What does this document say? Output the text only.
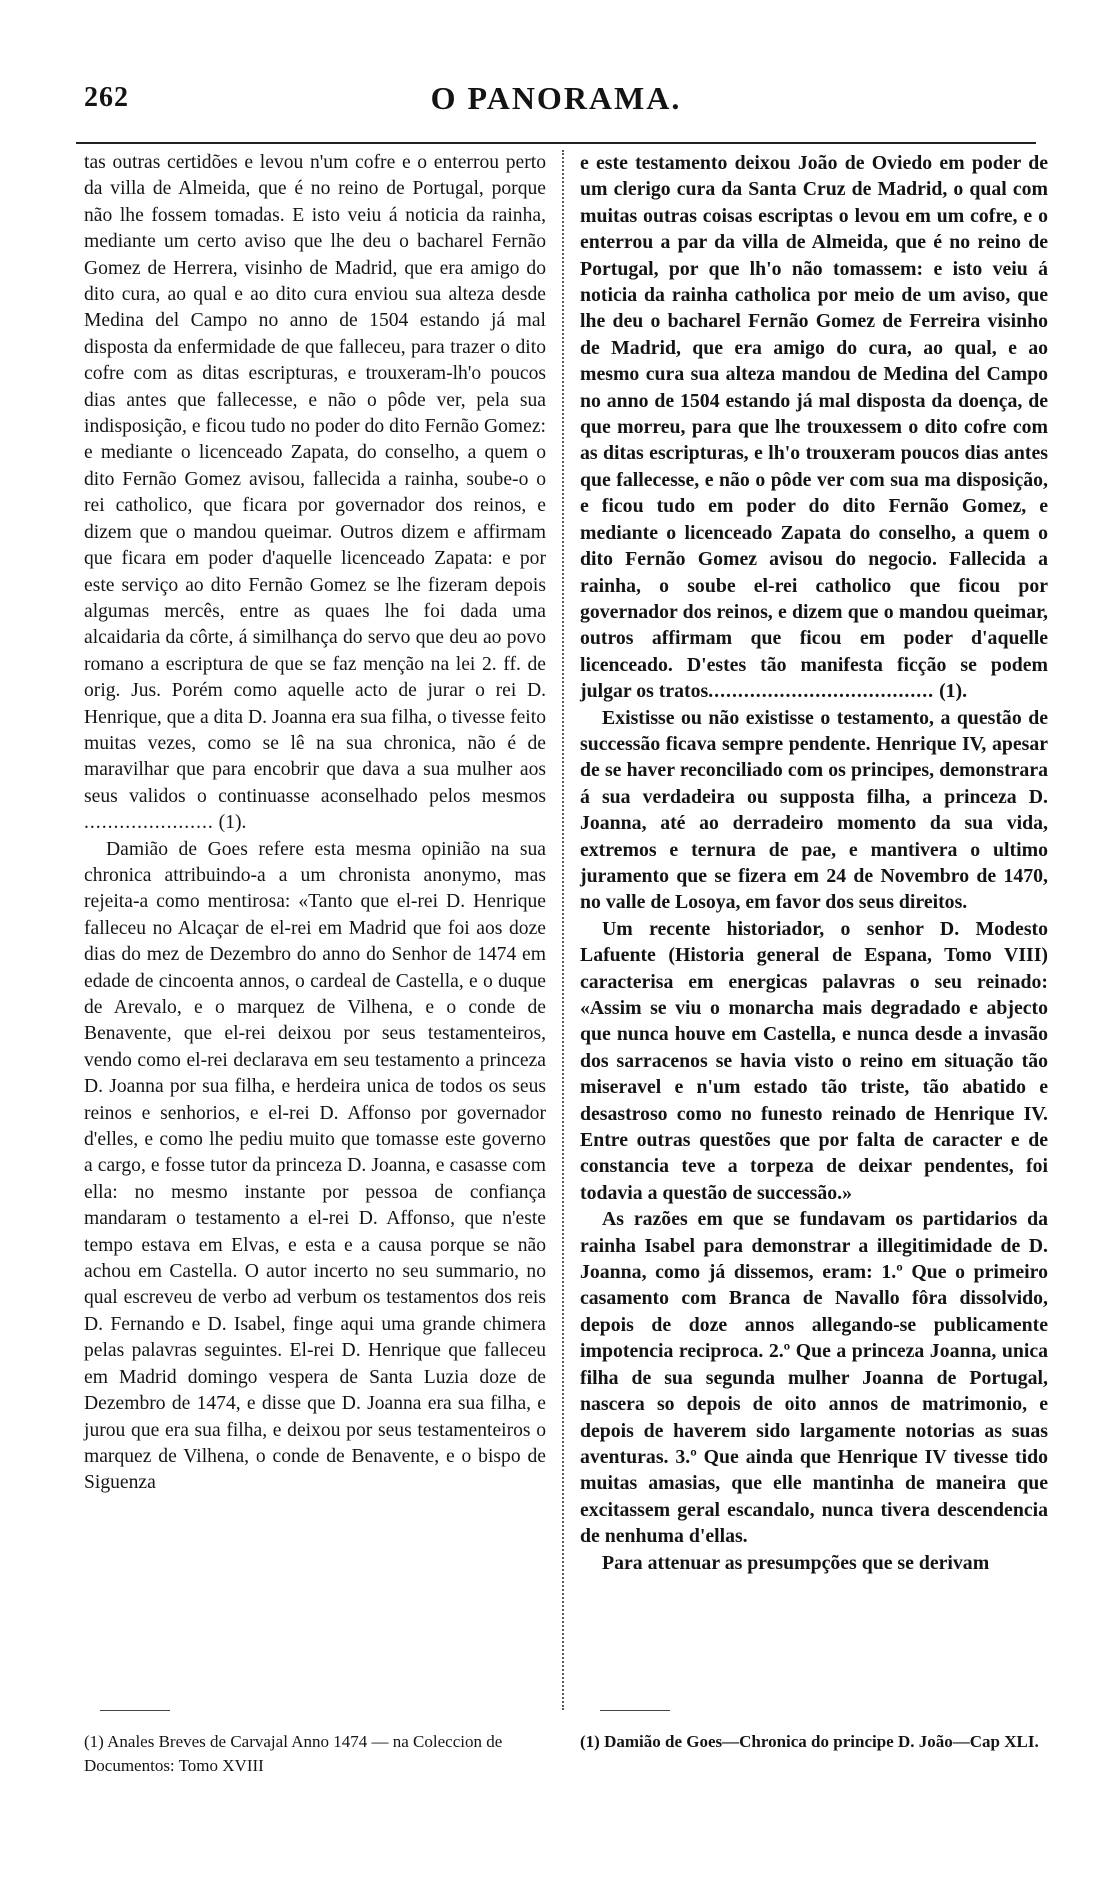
262	O PANORAMA.

tas outras certidões e levou n'um cofre e o enterrou perto da villa de Almeida, que é no reino de Portugal, porque não lhe fossem tomadas. E isto veiu á noticia da rainha, mediante um certo aviso que lhe deu o bacharel Fernão Gomez de Herrera, visinho de Madrid, que era amigo do dito cura, ao qual e ao dito cura enviou sua alteza desde Medina del Campo no anno de 1504 estando já mal disposta da enfermidade de que falleceu, para trazer o dito cofre com as ditas escripturas, e trouxeram-lh'o poucos dias antes que fallecesse, e não o pôde ver, pela sua indisposição, e ficou tudo no poder do dito Fernão Gomez: e mediante o licenceado Zapata, do conselho, a quem o dito Fernão Gomez avisou, fallecida a rainha, soube-o o rei catholico, que ficara por governador dos reinos, e dizem que o mandou queimar. Outros dizem e affirmam que ficara em poder d'aquelle licenceado Zapata: e por este serviço ao dito Fernão Gomez se lhe fizeram depois algumas mercês, entre as quaes lhe foi dada uma alcaidaria da côrte, á similhança do servo que deu ao povo romano a escriptura de que se faz menção na lei 2. ff. de orig. Jus. Porém como aquelle acto de jurar o rei D. Henrique, que a dita D. Joanna era sua filha, o tivesse feito muitas vezes, como se lê na sua chronica, não é de maravilhar que para encobrir que dava a sua mulher aos seus validos o continuasse aconselhado pelos mesmos ...................... (1).

Damião de Goes refere esta mesma opinião na sua chronica attribuindo-a a um chronista anonymo, mas rejeita-a como mentirosa: «Tanto que el-rei D. Henrique falleceu no Alcaçar de el-rei em Madrid que foi aos doze dias do mez de Dezembro do anno do Senhor de 1474 em edade de cincoenta annos, o cardeal de Castella, e o duque de Arevalo, e o marquez de Vilhena, e o conde de Benavente, que el-rei deixou por seus testamenteiros, vendo como el-rei declarava em seu testamento a princeza D. Joanna por sua filha, e herdeira unica de todos os seus reinos e senhorios, e el-rei D. Affonso por governador d'elles, e como lhe pediu muito que tomasse este governo a cargo, e fosse tutor da princeza D. Joanna, e casasse com ella: no mesmo instante por pessoa de confiança mandaram o testamento a el-rei D. Affonso, que n'este tempo estava em Elvas, e esta e a causa porque se não achou em Castella. O autor incerto no seu summario, no qual escreveu de verbo ad verbum os testamentos dos reis D. Fernando e D. Isabel, finge aqui uma grande chimera pelas palavras seguintes. El-rei D. Henrique que falleceu em Madrid domingo vespera de Santa Luzia doze de Dezembro de 1474, e disse que D. Joanna era sua filha, e jurou que era sua filha, e deixou por seus testamenteiros o marquez de Vilhena, o conde de Benavente, e o bispo de Siguenza

e este testamento deixou João de Oviedo em poder de um clerigo cura da Santa Cruz de Madrid, o qual com muitas outras coisas escriptas o levou em um cofre, e o enterrou a par da villa de Almeida, que é no reino de Portugal, por que lh'o não tomassem: e isto veiu á noticia da rainha catholica por meio de um aviso, que lhe deu o bacharel Fernão Gomez de Ferreira visinho de Madrid, que era amigo do cura, ao qual, e ao mesmo cura sua alteza mandou de Medina del Campo no anno de 1504 estando já mal disposta da doença, de que morreu, para que lhe trouxessem o dito cofre com as ditas escripturas, e lh'o trouxeram poucos dias antes que fallecesse, e não o pôde ver com sua ma disposição, e ficou tudo em poder do dito Fernão Gomez, e mediante o licenceado Zapata do conselho, a quem o dito Fernão Gomez avisou do negocio. Fallecida a rainha, o soube el-rei catholico que ficou por governador dos reinos, e dizem que o mandou queimar, outros affirmam que ficou em poder d'aquelle licenceado. D'estes tão manifesta ficção se podem julgar os tratos...................................... (1).

Existisse ou não existisse o testamento, a questão de successão ficava sempre pendente. Henrique IV, apesar de se haver reconciliado com os principes, demonstrara á sua verdadeira ou supposta filha, a princeza D. Joanna, até ao derradeiro momento da sua vida, extremos e ternura de pae, e mantivera o ultimo juramento que se fizera em 24 de Novembro de 1470, no valle de Losoya, em favor dos seus direitos.

Um recente historiador, o senhor D. Modesto Lafuente (Historia general de Espana, Tomo VIII) caracterisa em energicas palavras o seu reinado: «Assim se viu o monarcha mais degradado e abjecto que nunca houve em Castella, e nunca desde a invasão dos sarracenos se havia visto o reino em situação tão miseravel e n'um estado tão triste, tão abatido e desastroso como no funesto reinado de Henrique IV. Entre outras questões que por falta de caracter e de constancia teve a torpeza de deixar pendentes, foi todavia a questão de successão.»

As razões em que se fundavam os partidarios da rainha Isabel para demonstrar a illegitimidade de D. Joanna, como já dissemos, eram: 1.º Que o primeiro casamento com Branca de Navallo fôra dissolvido, depois de doze annos allegando-se publicamente impotencia reciproca. 2.º Que a princeza Joanna, unica filha de sua segunda mulher Joanna de Portugal, nascera so depois de oito annos de matrimonio, e depois de haverem sido largamente notorias as suas aventuras. 3.º Que ainda que Henrique IV tivesse tido muitas amasias, que elle mantinha de maneira que excitassem geral escandalo, nunca tivera descendencia de nenhuma d'ellas.

Para attenuar as presumpções que se derivam

(1) Anales Breves de Carvajal Anno 1474 — na Coleccion de Documentos: Tomo XVIII
(1) Damião de Goes—Chronica do principe D. João—Cap XLI.
